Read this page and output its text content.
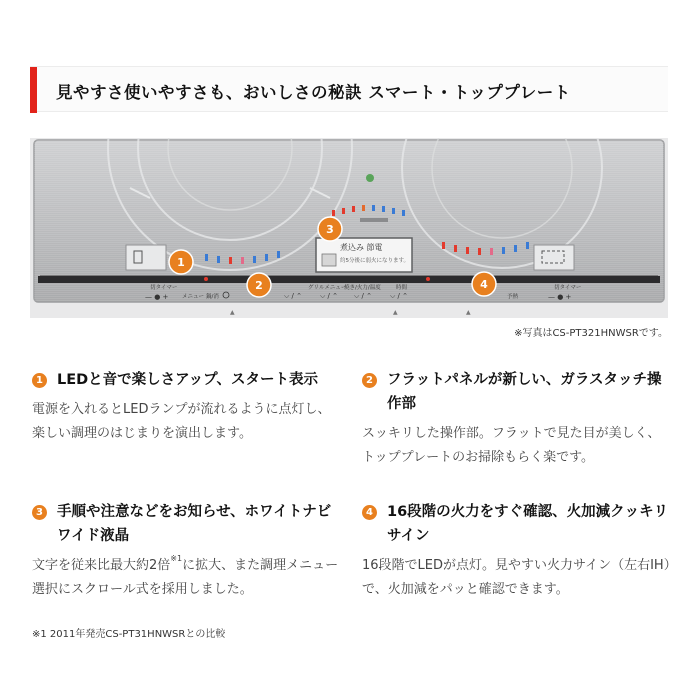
見やすさ使いやすさも、おいしさの秘訣 スマート・トッププレート
煮込み 節電
約5分後に弱火になります。
切タイマー	切タイマー
— ● + メニュー 鍋/消	⌵ / ⌃
グリルメニュー
⌵ / ⌃
焼き/火力/温度
⌵ / ⌃
時間
⌵ / ⌃	予熱	— ● +
1
2
3
4
▲	▲	▲
※写真はCS-PT321HNWSRです。
1 LEDと音で楽しさアップ、スタート表示
電源を入れるとLEDランプが流れるように点灯し、楽しい調理のはじまりを演出します。
2 フラットパネルが新しい、ガラスタッチ操作部
スッキリした操作部。フラットで見た目が美しく、トッププレートのお掃除もらく楽です。
3 手順や注意などをお知らせ、ホワイトナビワイド液晶
文字を従来比最大約2倍$^{※1}$に拡大、また調理メニュー選択にスクロール式を採用しました。
4 16段階の火力をすぐ確認、火加減クッキリサイン
16段階でLEDが点灯。見やすい火力サイン（左右IH）で、火加減をパッと確認できます。
※1 2011年発売CS-PT31HNWSRとの比較
